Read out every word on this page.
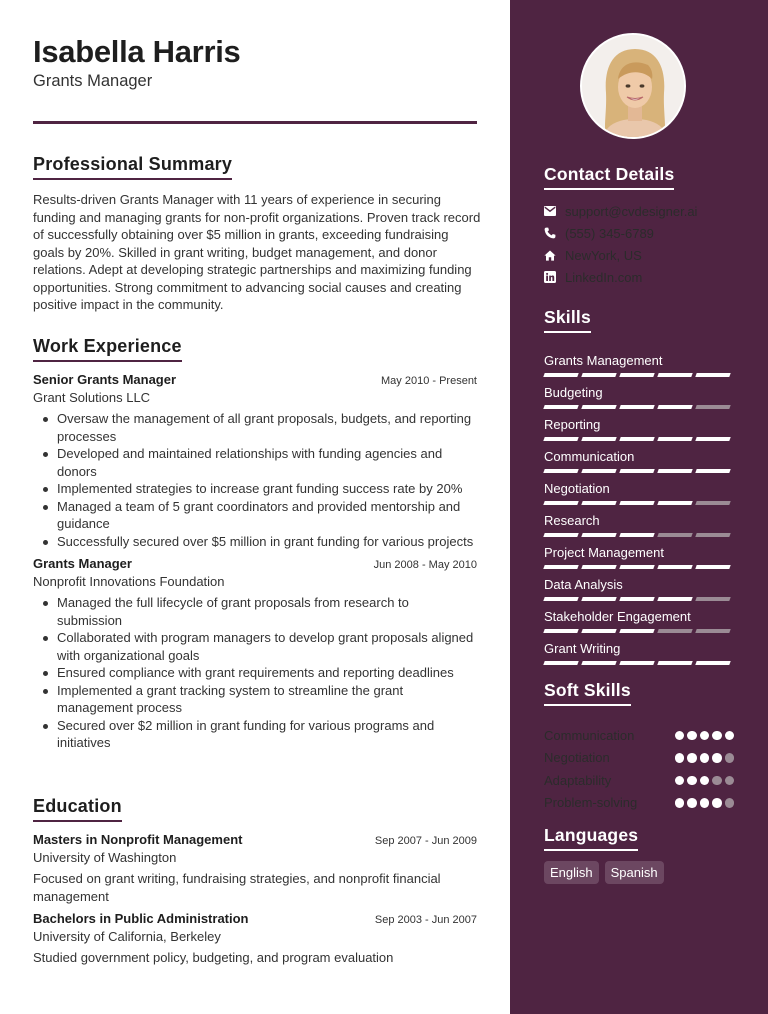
Isabella Harris
Grants Manager
Professional Summary

Results-driven Grants Manager with 11 years of experience in securing funding and managing grants for non-profit organizations. Proven track record of successfully obtaining over $5 million in grants, exceeding fundraising goals by 20%. Skilled in grant writing, budget management, and donor relations. Adept at developing strategic partnerships and maximizing funding opportunities. Strong commitment to advancing social causes and creating positive impact in the community.

Work Experience
Senior Grants Manager	May 2010 - Present
Grant Solutions LLC
Oversaw the management of all grant proposals, budgets, and reporting processes
Developed and maintained relationships with funding agencies and donors
Implemented strategies to increase grant funding success rate by 20%
Managed a team of 5 grant coordinators and provided mentorship and guidance
Successfully secured over $5 million in grant funding for various projects
Grants Manager	Jun 2008 - May 2010
Nonprofit Innovations Foundation
Managed the full lifecycle of grant proposals from research to submission
Collaborated with program managers to develop grant proposals aligned with organizational goals
Ensured compliance with grant requirements and reporting deadlines
Implemented a grant tracking system to streamline the grant management process
Secured over $2 million in grant funding for various programs and initiatives
Education
Masters in Nonprofit Management	Sep 2007 - Jun 2009
University of Washington
Focused on grant writing, fundraising strategies, and nonprofit financial management
Bachelors in Public Administration	Sep 2003 - Jun 2007
University of California, Berkeley
Studied government policy, budgeting, and program evaluation
Contact Details
support@cvdesigner.ai
(555) 345-6789
NewYork, US
LinkedIn.com
Skills
Grants Management
Budgeting
Reporting
Communication
Negotiation
Research
Project Management
Data Analysis
Stakeholder Engagement
Grant Writing
Soft Skills
Communication
Negotiation
Adaptability
Problem-solving
Languages
English	Spanish
